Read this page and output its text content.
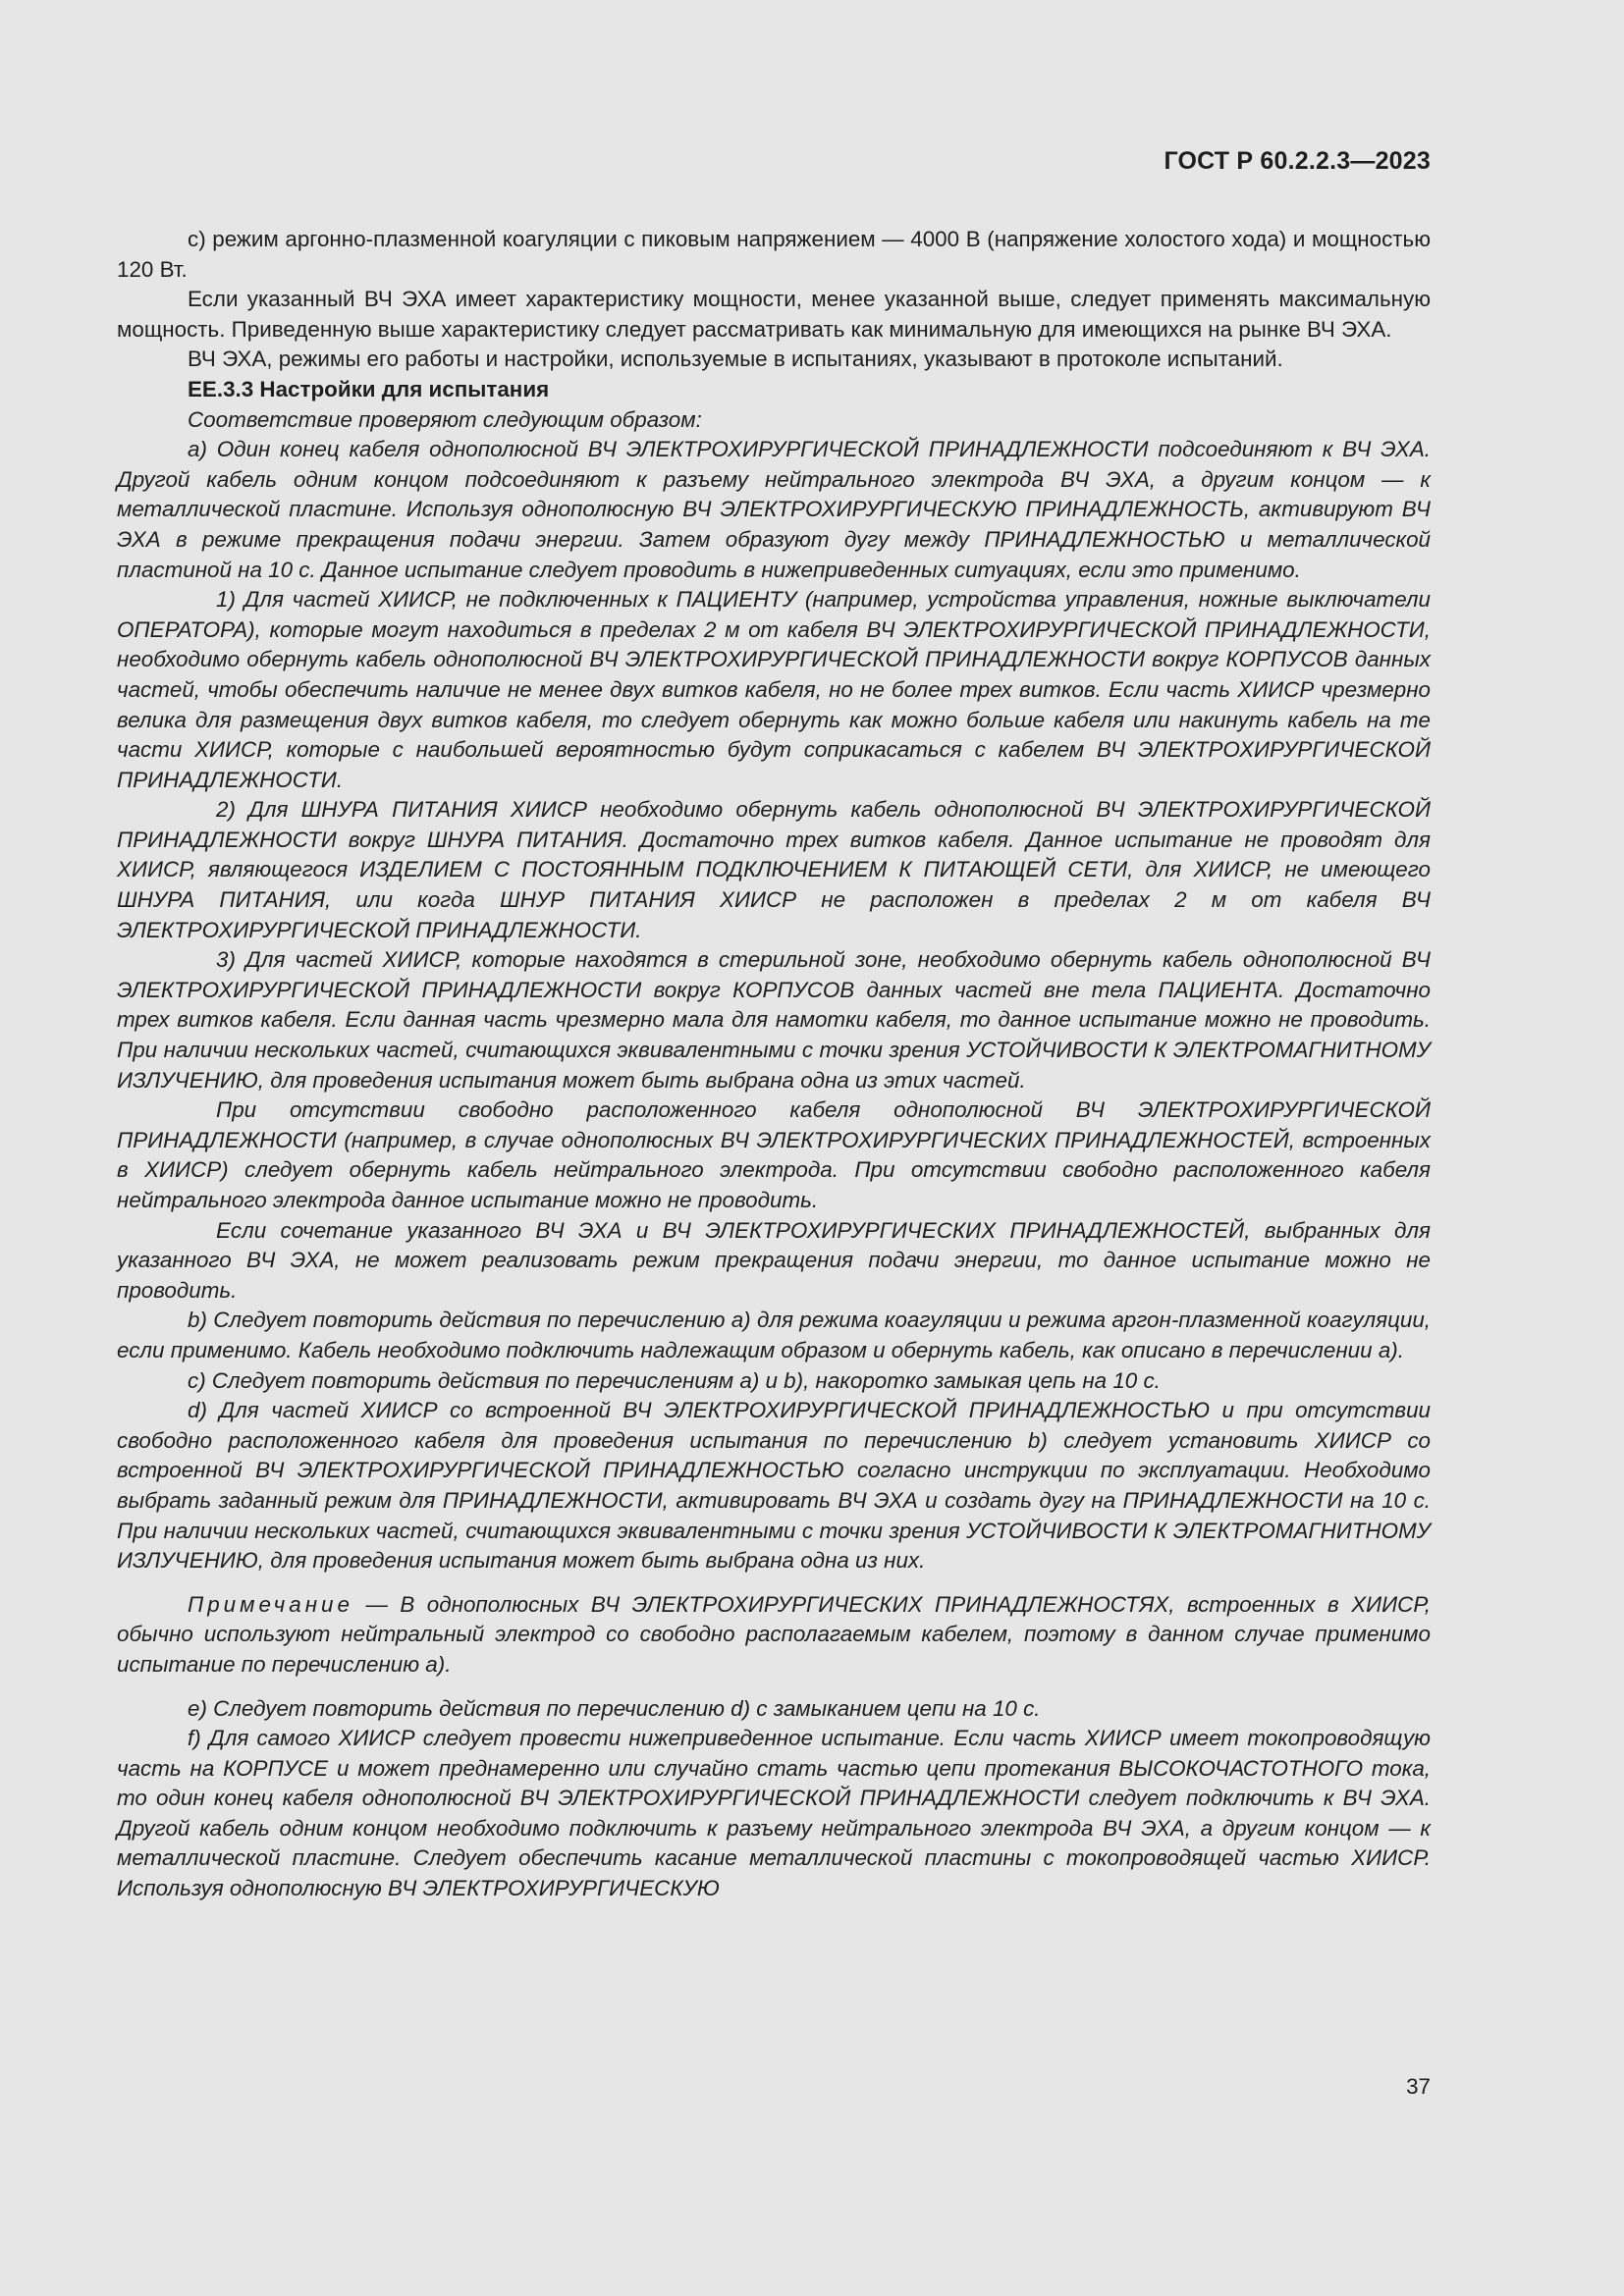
ГОСТ Р 60.2.2.3—2023

c) режим аргонно-плазменной коагуляции с пиковым напряжением — 4000 В (напряжение холостого хода) и мощностью 120 Вт.

Если указанный ВЧ ЭХА имеет характеристику мощности, менее указанной выше, следует применять максимальную мощность. Приведенную выше характеристику следует рассматривать как минимальную для имеющихся на рынке ВЧ ЭХА.

ВЧ ЭХА, режимы его работы и настройки, используемые в испытаниях, указывают в протоколе испытаний.

ЕЕ.3.3 Настройки для испытания

Соответствие проверяют следующим образом:

a) Один конец кабеля однополюсной ВЧ ЭЛЕКТРОХИРУРГИЧЕСКОЙ ПРИНАДЛЕЖНОСТИ подсоединяют к ВЧ ЭХА. Другой кабель одним концом подсоединяют к разъему нейтрального электрода ВЧ ЭХА, а другим концом — к металлической пластине. Используя однополюсную ВЧ ЭЛЕКТРОХИРУРГИЧЕСКУЮ ПРИНАДЛЕЖНОСТЬ, активируют ВЧ ЭХА в режиме прекращения подачи энергии. Затем образуют дугу между ПРИНАДЛЕЖНОСТЬЮ и металлической пластиной на 10 с. Данное испытание следует проводить в нижеприведенных ситуациях, если это применимо.

1) Для частей ХИИСР, не подключенных к ПАЦИЕНТУ (например, устройства управления, ножные выключатели ОПЕРАТОРА), которые могут находиться в пределах 2 м от кабеля ВЧ ЭЛЕКТРОХИРУРГИЧЕСКОЙ ПРИНАДЛЕЖНОСТИ, необходимо обернуть кабель однополюсной ВЧ ЭЛЕКТРОХИРУРГИЧЕСКОЙ ПРИНАДЛЕЖНОСТИ вокруг КОРПУСОВ данных частей, чтобы обеспечить наличие не менее двух витков кабеля, но не более трех витков. Если часть ХИИСР чрезмерно велика для размещения двух витков кабеля, то следует обернуть как можно больше кабеля или накинуть кабель на те части ХИИСР, которые с наибольшей вероятностью будут соприкасаться с кабелем ВЧ ЭЛЕКТРОХИРУРГИЧЕСКОЙ ПРИНАДЛЕЖНОСТИ.

2) Для ШНУРА ПИТАНИЯ ХИИСР необходимо обернуть кабель однополюсной ВЧ ЭЛЕКТРОХИРУРГИЧЕСКОЙ ПРИНАДЛЕЖНОСТИ вокруг ШНУРА ПИТАНИЯ. Достаточно трех витков кабеля. Данное испытание не проводят для ХИИСР, являющегося ИЗДЕЛИЕМ С ПОСТОЯННЫМ ПОДКЛЮЧЕНИЕМ К ПИТАЮЩЕЙ СЕТИ, для ХИИСР, не имеющего ШНУРА ПИТАНИЯ, или когда ШНУР ПИТАНИЯ ХИИСР не расположен в пределах 2 м от кабеля ВЧ ЭЛЕКТРОХИРУРГИЧЕСКОЙ ПРИНАДЛЕЖНОСТИ.

3) Для частей ХИИСР, которые находятся в стерильной зоне, необходимо обернуть кабель однополюсной ВЧ ЭЛЕКТРОХИРУРГИЧЕСКОЙ ПРИНАДЛЕЖНОСТИ вокруг КОРПУСОВ данных частей вне тела ПАЦИЕНТА. Достаточно трех витков кабеля. Если данная часть чрезмерно мала для намотки кабеля, то данное испытание можно не проводить. При наличии нескольких частей, считающихся эквивалентными с точки зрения УСТОЙЧИВОСТИ К ЭЛЕКТРОМАГНИТНОМУ ИЗЛУЧЕНИЮ, для проведения испытания может быть выбрана одна из этих частей.

При отсутствии свободно расположенного кабеля однополюсной ВЧ ЭЛЕКТРОХИРУРГИЧЕСКОЙ ПРИНАДЛЕЖНОСТИ (например, в случае однополюсных ВЧ ЭЛЕКТРОХИРУРГИЧЕСКИХ ПРИНАДЛЕЖНОСТЕЙ, встроенных в ХИИСР) следует обернуть кабель нейтрального электрода. При отсутствии свободно расположенного кабеля нейтрального электрода данное испытание можно не проводить.

Если сочетание указанного ВЧ ЭХА и ВЧ ЭЛЕКТРОХИРУРГИЧЕСКИХ ПРИНАДЛЕЖНОСТЕЙ, выбранных для указанного ВЧ ЭХА, не может реализовать режим прекращения подачи энергии, то данное испытание можно не проводить.

b) Следует повторить действия по перечислению a) для режима коагуляции и режима аргон-плазменной коагуляции, если применимо. Кабель необходимо подключить надлежащим образом и обернуть кабель, как описано в перечислении a).

c) Следует повторить действия по перечислениям a) и b), накоротко замыкая цепь на 10 с.

d) Для частей ХИИСР со встроенной ВЧ ЭЛЕКТРОХИРУРГИЧЕСКОЙ ПРИНАДЛЕЖНОСТЬЮ и при отсутствии свободно расположенного кабеля для проведения испытания по перечислению b) следует установить ХИИСР со встроенной ВЧ ЭЛЕКТРОХИРУРГИЧЕСКОЙ ПРИНАДЛЕЖНОСТЬЮ согласно инструкции по эксплуатации. Необходимо выбрать заданный режим для ПРИНАДЛЕЖНОСТИ, активировать ВЧ ЭХА и создать дугу на ПРИНАДЛЕЖНОСТИ на 10 с. При наличии нескольких частей, считающихся эквивалентными с точки зрения УСТОЙЧИВОСТИ К ЭЛЕКТРОМАГНИТНОМУ ИЗЛУЧЕНИЮ, для проведения испытания может быть выбрана одна из них.

Примечание — В однополюсных ВЧ ЭЛЕКТРОХИРУРГИЧЕСКИХ ПРИНАДЛЕЖНОСТЯХ, встроенных в ХИИСР, обычно используют нейтральный электрод со свободно располагаемым кабелем, поэтому в данном случае применимо испытание по перечислению a).

e) Следует повторить действия по перечислению d) с замыканием цепи на 10 с.

f) Для самого ХИИСР следует провести нижеприведенное испытание. Если часть ХИИСР имеет токопроводящую часть на КОРПУСЕ и может преднамеренно или случайно стать частью цепи протекания ВЫСОКОЧАСТОТНОГО тока, то один конец кабеля однополюсной ВЧ ЭЛЕКТРОХИРУРГИЧЕСКОЙ ПРИНАДЛЕЖНОСТИ следует подключить к ВЧ ЭХА. Другой кабель одним концом необходимо подключить к разъему нейтрального электрода ВЧ ЭХА, а другим концом — к металлической пластине. Следует обеспечить касание металлической пластины с токопроводящей частью ХИИСР. Используя однополюсную ВЧ ЭЛЕКТРОХИРУРГИЧЕСКУЮ

37
